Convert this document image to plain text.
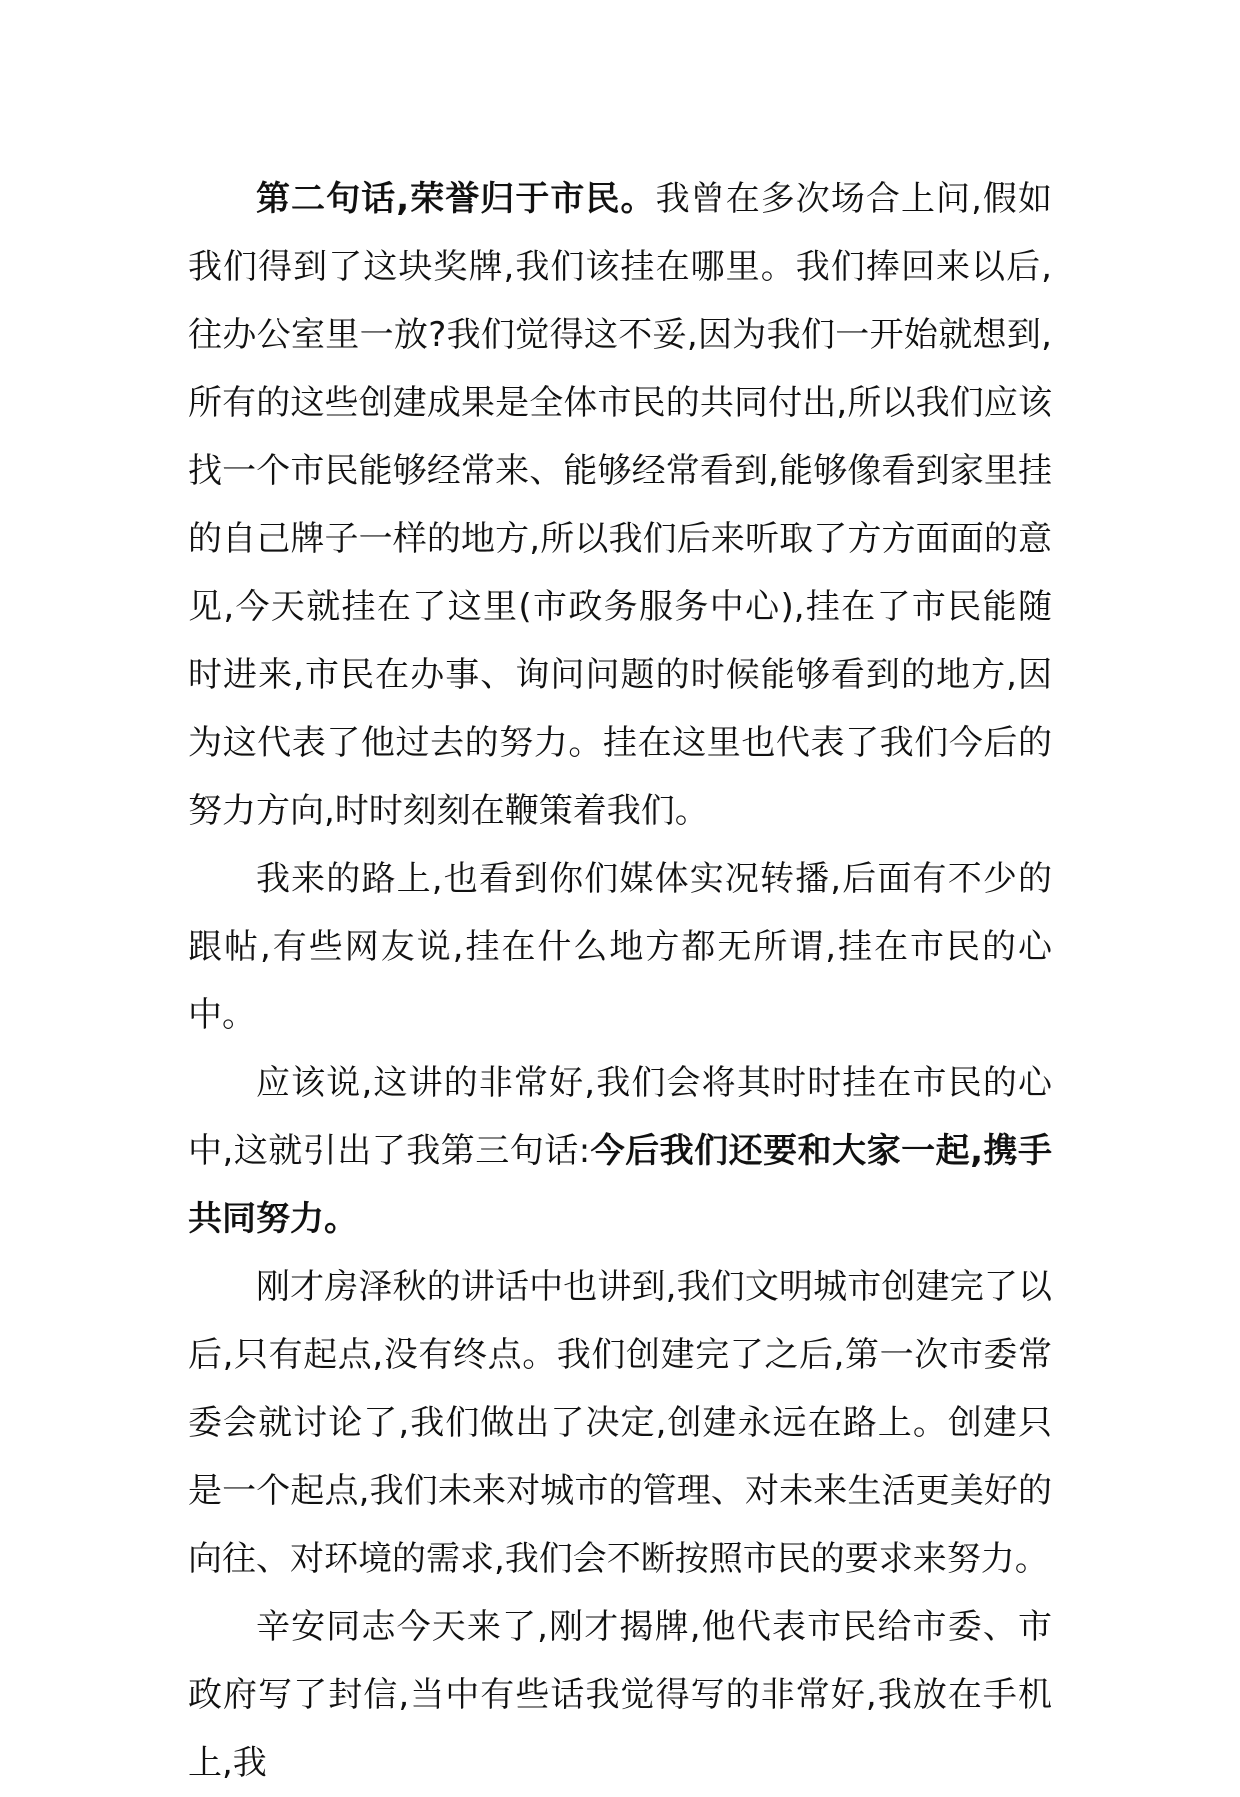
第二句话,荣誉归于市民。我曾在多次场合上问,假如我们得到了这块奖牌,我们该挂在哪里。我们捧回来以后,往办公室里一放?我们觉得这不妥,因为我们一开始就想到,所有的这些创建成果是全体市民的共同付出,所以我们应该找一个市民能够经常来、能够经常看到,能够像看到家里挂的自己牌子一样的地方,所以我们后来听取了方方面面的意见,今天就挂在了这里(市政务服务中心),挂在了市民能随时进来,市民在办事、询问问题的时候能够看到的地方,因为这代表了他过去的努力。挂在这里也代表了我们今后的努力方向,时时刻刻在鞭策着我们。

我来的路上,也看到你们媒体实况转播,后面有不少的跟帖,有些网友说,挂在什么地方都无所谓,挂在市民的心中。

应该说,这讲的非常好,我们会将其时时挂在市民的心中,这就引出了我第三句话:今后我们还要和大家一起,携手共同努力。

刚才房泽秋的讲话中也讲到,我们文明城市创建完了以后,只有起点,没有终点。我们创建完了之后,第一次市委常委会就讨论了,我们做出了决定,创建永远在路上。创建只是一个起点,我们未来对城市的管理、对未来生活更美好的向往、对环境的需求,我们会不断按照市民的要求来努力。

辛安同志今天来了,刚才揭牌,他代表市民给市委、市政府写了封信,当中有些话我觉得写的非常好,我放在手机上,我
